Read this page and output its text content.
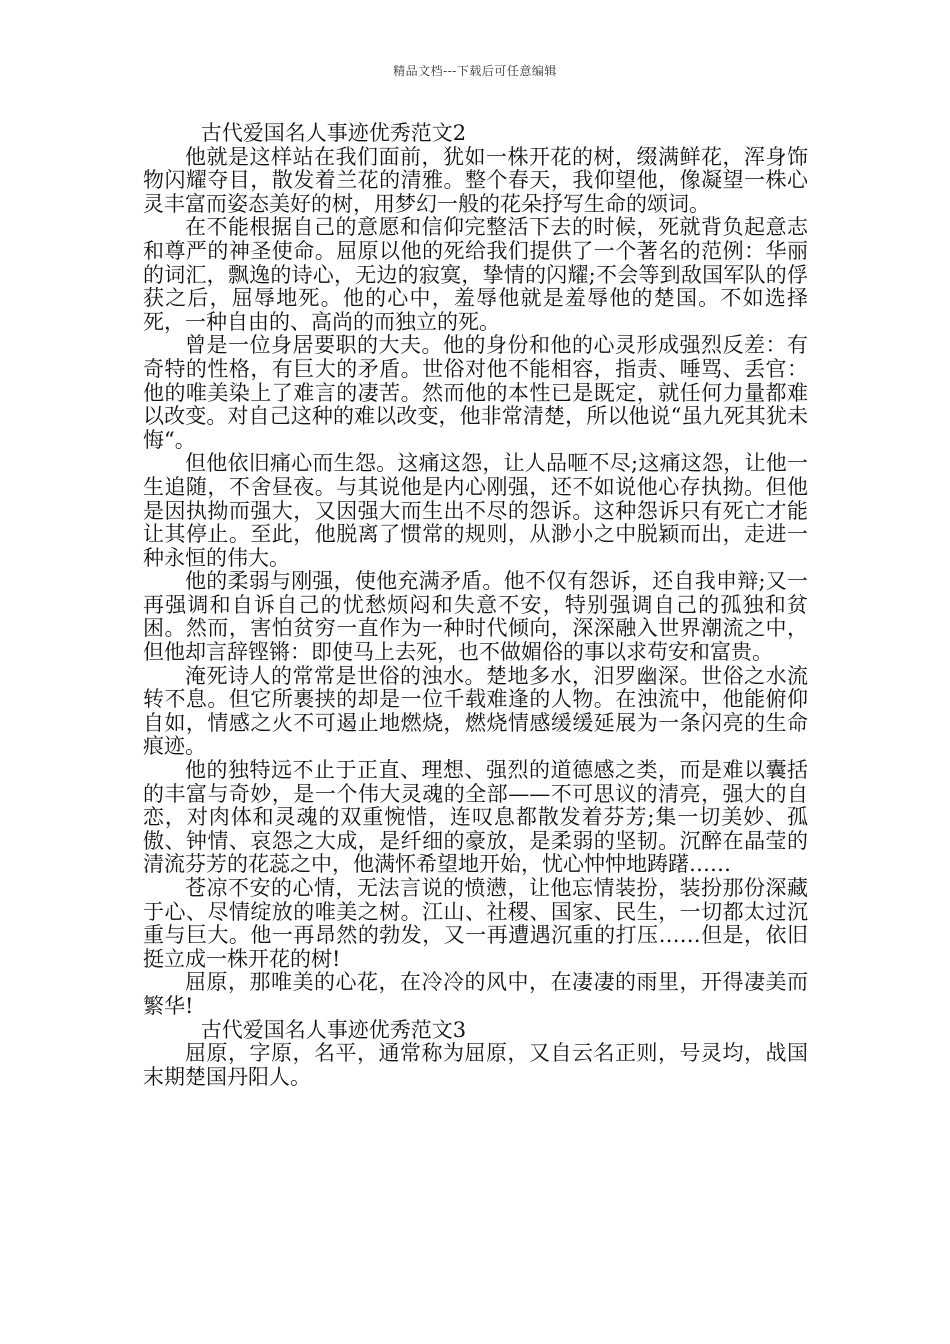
精品文档---下载后可任意编辑

古代爱国名人事迹优秀范文2

他就是这样站在我们面前，犹如一株开花的树，缀满鲜花，浑身饰物闪耀夺目，散发着兰花的清雅。整个春天，我仰望他，像凝望一株心灵丰富而姿态美好的树，用梦幻一般的花朵抒写生命的颂词。

在不能根据自己的意愿和信仰完整活下去的时候，死就背负起意志和尊严的神圣使命。屈原以他的死给我们提供了一个著名的范例：华丽的词汇，飘逸的诗心，无边的寂寞，挚情的闪耀;不会等到敌国军队的俘获之后，屈辱地死。他的心中，羞辱他就是羞辱他的楚国。不如选择死，一种自由的、高尚的而独立的死。

曾是一位身居要职的大夫。他的身份和他的心灵形成强烈反差：有奇特的性格，有巨大的矛盾。世俗对他不能相容，指责、唾骂、丢官：他的唯美染上了难言的凄苦。然而他的本性已是既定，就任何力量都难以改变。对自己这种的难以改变，他非常清楚，所以他说“虽九死其犹未悔“。

但他依旧痛心而生怨。这痛这怨，让人品咂不尽;这痛这怨，让他一生追随，不舍昼夜。与其说他是内心刚强，还不如说他心存执拗。但他是因执拗而强大，又因强大而生出不尽的怨诉。这种怨诉只有死亡才能让其停止。至此，他脱离了惯常的规则，从渺小之中脱颖而出，走进一种永恒的伟大。

他的柔弱与刚强，使他充满矛盾。他不仅有怨诉，还自我申辩;又一再强调和自诉自己的忧愁烦闷和失意不安，特别强调自己的孤独和贫困。然而，害怕贫穷一直作为一种时代倾向，深深融入世界潮流之中，但他却言辞铿锵：即使马上去死，也不做媚俗的事以求苟安和富贵。

淹死诗人的常常是世俗的浊水。楚地多水，汨罗幽深。世俗之水流转不息。但它所裹挟的却是一位千载难逢的人物。在浊流中，他能俯仰自如，情感之火不可遏止地燃烧，燃烧情感缓缓延展为一条闪亮的生命痕迹。

他的独特远不止于正直、理想、强烈的道德感之类，而是难以囊括的丰富与奇妙，是一个伟大灵魂的全部——不可思议的清亮，强大的自恋，对肉体和灵魂的双重惋惜，连叹息都散发着芬芳;集一切美妙、孤傲、钟情、哀怨之大成，是纤细的豪放，是柔弱的坚韧。沉醉在晶莹的清流芬芳的花蕊之中，他满怀希望地开始，忧心忡忡地踌躇……

苍凉不安的心情，无法言说的愤懑，让他忘情装扮，装扮那份深藏于心、尽情绽放的唯美之树。江山、社稷、国家、民生，一切都太过沉重与巨大。他一再昂然的勃发，又一再遭遇沉重的打压……但是，依旧挺立成一株开花的树!

屈原，那唯美的心花，在冷冷的风中，在凄凄的雨里，开得凄美而繁华!

古代爱国名人事迹优秀范文3

屈原，字原，名平，通常称为屈原，又自云名正则，号灵均，战国末期楚国丹阳人。
